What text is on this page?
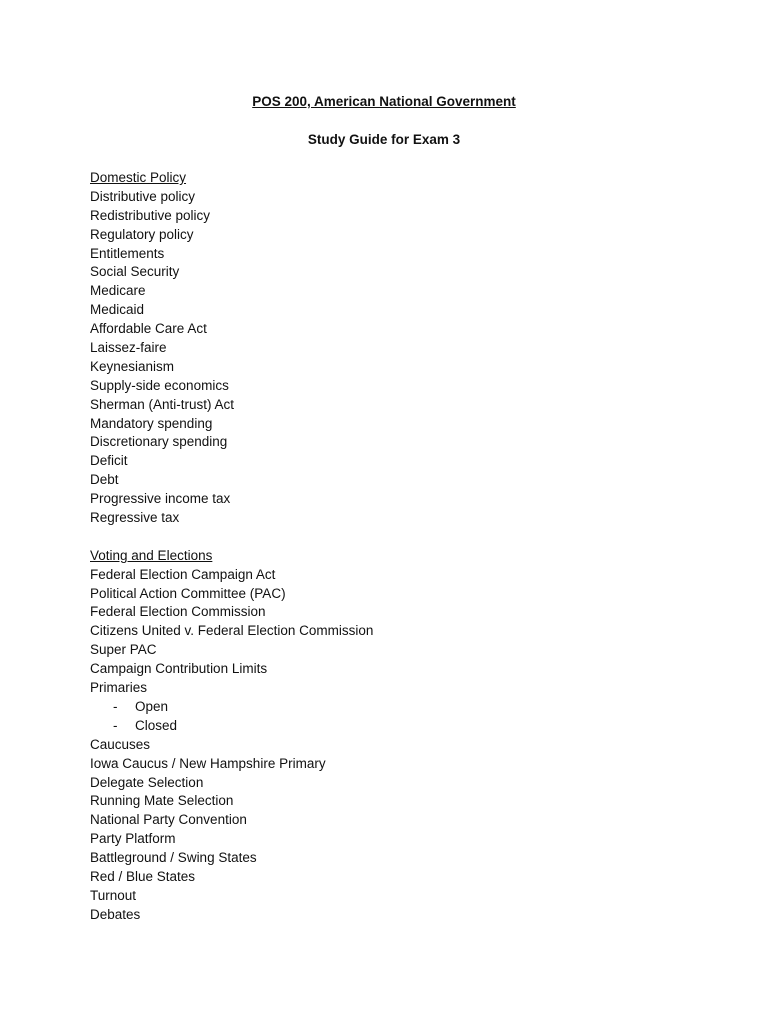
POS 200, American National Government
Study Guide for Exam 3
Domestic Policy
Distributive policy
Redistributive policy
Regulatory policy
Entitlements
Social Security
Medicare
Medicaid
Affordable Care Act
Laissez-faire
Keynesianism
Supply-side economics
Sherman (Anti-trust) Act
Mandatory spending
Discretionary spending
Deficit
Debt
Progressive income tax
Regressive tax
Voting and Elections
Federal Election Campaign Act
Political Action Committee (PAC)
Federal Election Commission
Citizens United v. Federal Election Commission
Super PAC
Campaign Contribution Limits
Primaries
- Open
- Closed
Caucuses
Iowa Caucus / New Hampshire Primary
Delegate Selection
Running Mate Selection
National Party Convention
Party Platform
Battleground / Swing States
Red / Blue States
Turnout
Debates
